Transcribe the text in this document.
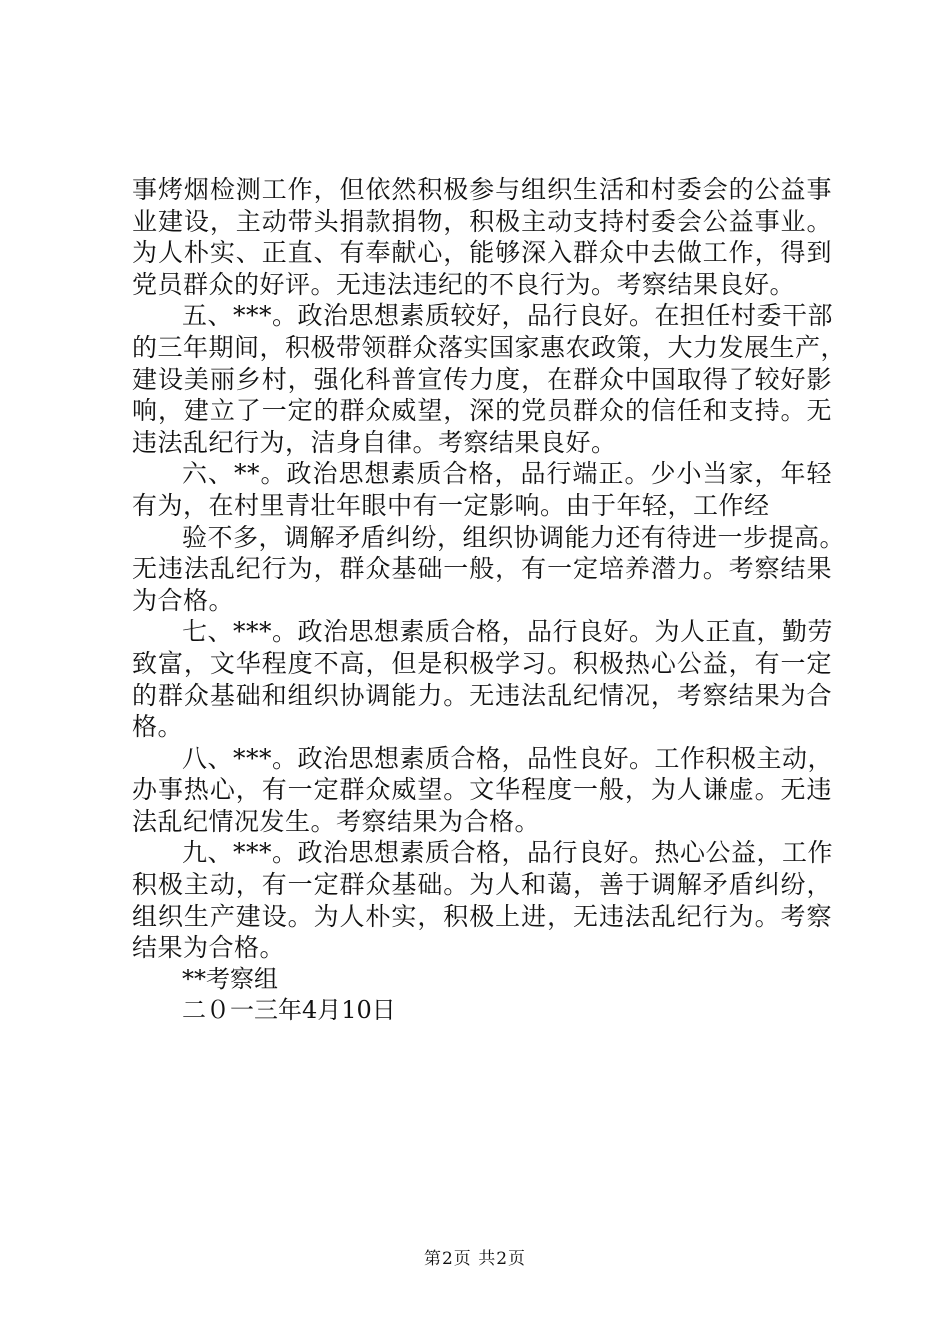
事烤烟检测工作，但依然积极参与组织生活和村委会的公益事
业建设，主动带头捐款捐物，积极主动支持村委会公益事业。
为人朴实、正直、有奉献心，能够深入群众中去做工作，得到
党员群众的好评。无违法违纪的不良行为。考察结果良好。
五、***。政治思想素质较好，品行良好。在担任村委干部
的三年期间，积极带领群众落实国家惠农政策，大力发展生产，
建设美丽乡村，强化科普宣传力度，在群众中国取得了较好影
响，建立了一定的群众威望，深的党员群众的信任和支持。无
违法乱纪行为，洁身自律。考察结果良好。
六、**。政治思想素质合格，品行端正。少小当家，年轻
有为，在村里青壮年眼中有一定影响。由于年轻，工作经
验不多，调解矛盾纠纷，组织协调能力还有待进一步提高。
无违法乱纪行为，群众基础一般，有一定培养潜力。考察结果
为合格。
七、***。政治思想素质合格，品行良好。为人正直，勤劳
致富，文华程度不高，但是积极学习。积极热心公益，有一定
的群众基础和组织协调能力。无违法乱纪情况，考察结果为合
格。
八、***。政治思想素质合格，品性良好。工作积极主动，
办事热心，有一定群众威望。文华程度一般，为人谦虚。无违
法乱纪情况发生。考察结果为合格。
九、***。政治思想素质合格，品行良好。热心公益，工作
积极主动，有一定群众基础。为人和蔼，善于调解矛盾纠纷，
组织生产建设。为人朴实，积极上进，无违法乱纪行为。考察
结果为合格。
**考察组
二０一三年4月10日
第2页 共2页
